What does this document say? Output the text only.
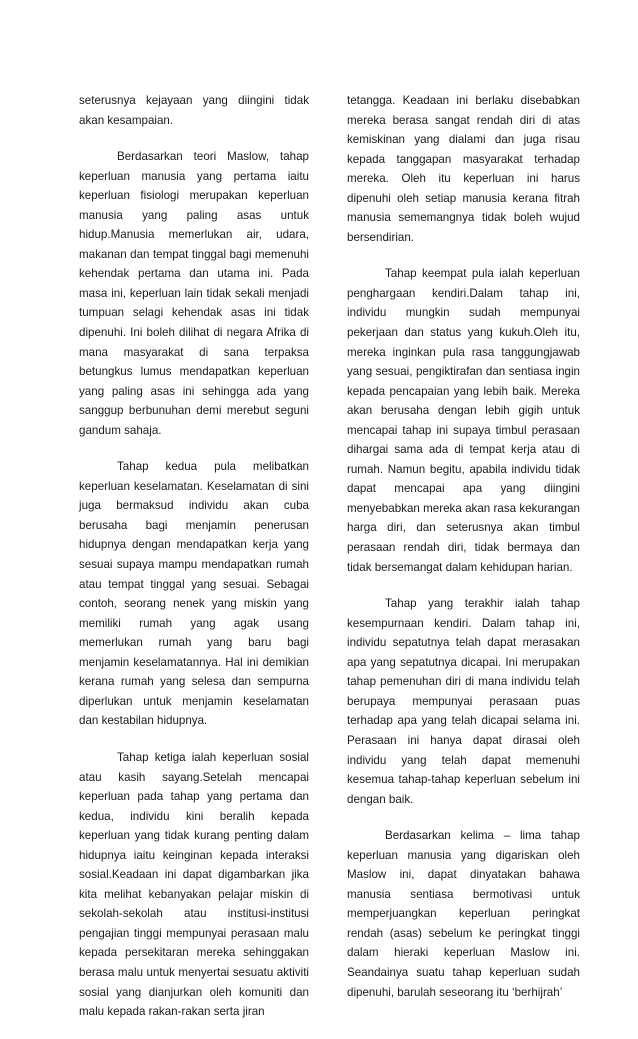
seterusnya kejayaan yang diingini tidak akan kesampaian.

Berdasarkan teori Maslow, tahap keperluan manusia yang pertama iaitu keperluan fisiologi merupakan keperluan manusia yang paling asas untuk hidup.Manusia memerlukan air, udara, makanan dan tempat tinggal bagi memenuhi kehendak pertama dan utama ini. Pada masa ini, keperluan lain tidak sekali menjadi tumpuan selagi kehendak asas ini tidak dipenuhi. Ini boleh dilihat di negara Afrika di mana masyarakat di sana terpaksa betungkus lumus mendapatkan keperluan yang paling asas ini sehingga ada yang sanggup berbunuhan demi merebut seguni gandum sahaja.

Tahap kedua pula melibatkan keperluan keselamatan. Keselamatan di sini juga bermaksud individu akan cuba berusaha bagi menjamin penerusan hidupnya dengan mendapatkan kerja yang sesuai supaya mampu mendapatkan rumah atau tempat tinggal yang sesuai. Sebagai contoh, seorang nenek yang miskin yang memiliki rumah yang agak usang memerlukan rumah yang baru bagi menjamin keselamatannya. Hal ini demikian kerana rumah yang selesa dan sempurna diperlukan untuk menjamin keselamatan dan kestabilan hidupnya.

Tahap ketiga ialah keperluan sosial atau kasih sayang.Setelah mencapai keperluan pada tahap yang pertama dan kedua, individu kini beralih kepada keperluan yang tidak kurang penting dalam hidupnya iaitu keinginan kepada interaksi sosial.Keadaan ini dapat digambarkan jika kita melihat kebanyakan pelajar miskin di sekolah-sekolah atau institusi-institusi pengajian tinggi mempunyai perasaan malu kepada persekitaran mereka sehinggakan berasa malu untuk menyertai sesuatu aktiviti sosial yang dianjurkan oleh komuniti dan malu kepada rakan-rakan serta jiran

tetangga. Keadaan ini berlaku disebabkan mereka berasa sangat rendah diri di atas kemiskinan yang dialami dan juga risau kepada tanggapan masyarakat terhadap mereka. Oleh itu keperluan ini harus dipenuhi oleh setiap manusia kerana fitrah manusia sememangnya tidak boleh wujud bersendirian.

Tahap keempat pula ialah keperluan penghargaan kendiri.Dalam tahap ini, individu mungkin sudah mempunyai pekerjaan dan status yang kukuh.Oleh itu, mereka inginkan pula rasa tanggungjawab yang sesuai, pengiktirafan dan sentiasa ingin kepada pencapaian yang lebih baik. Mereka akan berusaha dengan lebih gigih untuk mencapai tahap ini supaya timbul perasaan dihargai sama ada di tempat kerja atau di rumah. Namun begitu, apabila individu tidak dapat mencapai apa yang diingini menyebabkan mereka akan rasa kekurangan harga diri, dan seterusnya akan timbul perasaan rendah diri, tidak bermaya dan tidak bersemangat dalam kehidupan harian.

Tahap yang terakhir ialah tahap kesempurnaan kendiri. Dalam tahap ini, individu sepatutnya telah dapat merasakan apa yang sepatutnya dicapai. Ini merupakan tahap pemenuhan diri di mana individu telah berupaya mempunyai perasaan puas terhadap apa yang telah dicapai selama ini. Perasaan ini hanya dapat dirasai oleh individu yang telah dapat memenuhi kesemua tahap-tahap keperluan sebelum ini dengan baik.

Berdasarkan kelima – lima tahap keperluan manusia yang digariskan oleh Maslow ini, dapat dinyatakan bahawa manusia sentiasa bermotivasi untuk memperjuangkan keperluan peringkat rendah (asas) sebelum ke peringkat tinggi dalam hieraki keperluan Maslow ini. Seandainya suatu tahap keperluan sudah dipenuhi, barulah seseorang itu ‘berhijrah’
